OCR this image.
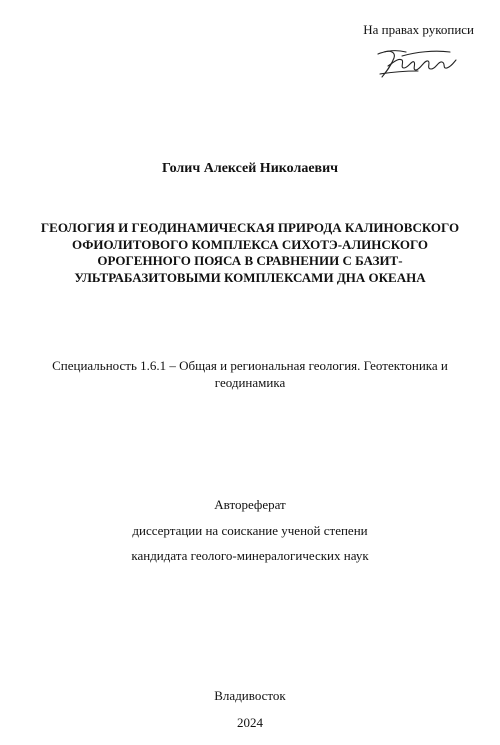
На правах рукописи
Голич Алексей Николаевич
ГЕОЛОГИЯ И ГЕОДИНАМИЧЕСКАЯ ПРИРОДА КАЛИНОВСКОГО
ОФИОЛИТОВОГО КОМПЛЕКСА СИХОТЭ-АЛИНСКОГО
ОРОГЕННОГО ПОЯСА В СРАВНЕНИИ С БАЗИТ-
УЛЬТРАБАЗИТОВЫМИ КОМПЛЕКСАМИ ДНА ОКЕАНА
Специальность 1.6.1 – Общая и региональная геология. Геотектоника и
геодинамика
Автореферат
диссертации на соискание ученой степени
кандидата геолого-минералогических наук
Владивосток
2024
